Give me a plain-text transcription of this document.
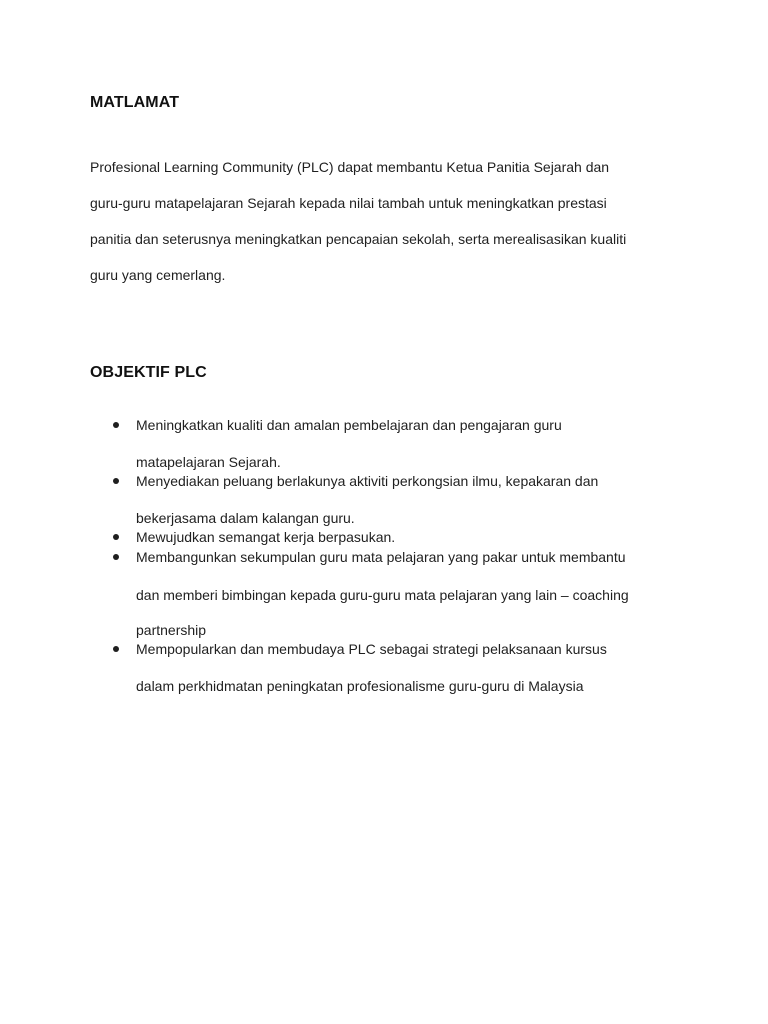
MATLAMAT
Profesional Learning Community (PLC) dapat membantu Ketua Panitia Sejarah dan
guru-guru matapelajaran Sejarah kepada nilai tambah untuk meningkatkan prestasi
panitia dan seterusnya meningkatkan pencapaian sekolah, serta merealisasikan kualiti
guru yang cemerlang.
OBJEKTIF PLC
Meningkatkan kualiti dan amalan pembelajaran dan pengajaran guru
matapelajaran Sejarah.
Menyediakan peluang berlakunya aktiviti perkongsian ilmu, kepakaran dan
bekerjasama dalam kalangan guru.
Mewujudkan semangat kerja berpasukan.
Membangunkan sekumpulan guru mata pelajaran yang pakar untuk membantu
dan memberi bimbingan kepada guru-guru mata pelajaran yang lain – coaching
partnership
Mempopularkan dan membudaya PLC sebagai strategi pelaksanaan kursus
dalam perkhidmatan peningkatan profesionalisme guru-guru di Malaysia
